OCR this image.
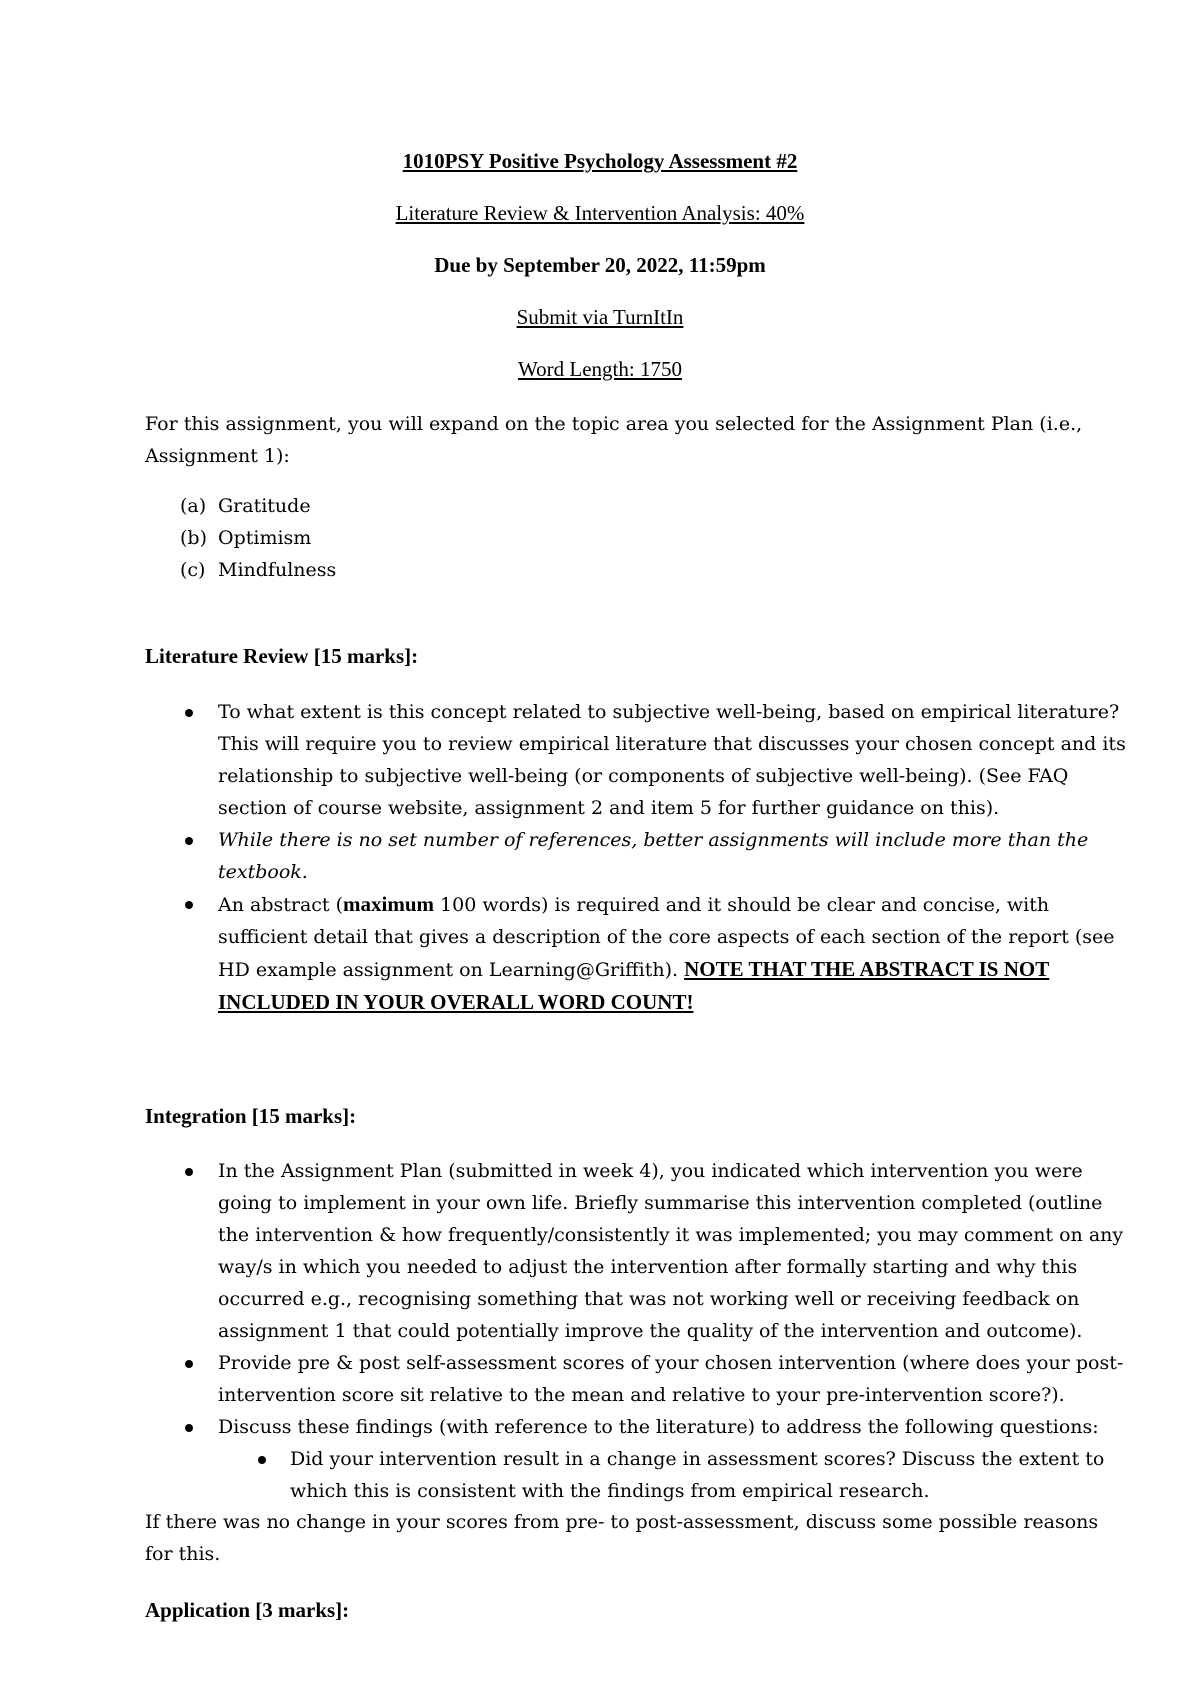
1010PSY Positive Psychology Assessment #2

Literature Review & Intervention Analysis: 40%

Due by September 20, 2022, 11:59pm

Submit via TurnItIn

Word Length: 1750

For this assignment, you will expand on the topic area you selected for the Assignment Plan (i.e., Assignment 1):
(a) Gratitude
(b) Optimism
(c) Mindfulness
Literature Review [15 marks]:
To what extent is this concept related to subjective well-being, based on empirical literature? This will require you to review empirical literature that discusses your chosen concept and its relationship to subjective well-being (or components of subjective well-being). (See FAQ section of course website, assignment 2 and item 5 for further guidance on this).
While there is no set number of references, better assignments will include more than the textbook.
An abstract (maximum 100 words) is required and it should be clear and concise, with sufficient detail that gives a description of the core aspects of each section of the report (see HD example assignment on Learning@Griffith). NOTE THAT THE ABSTRACT IS NOT INCLUDED IN YOUR OVERALL WORD COUNT!
Integration [15 marks]:
In the Assignment Plan (submitted in week 4), you indicated which intervention you were going to implement in your own life. Briefly summarise this intervention completed (outline the intervention & how frequently/consistently it was implemented; you may comment on any way/s in which you needed to adjust the intervention after formally starting and why this occurred e.g., recognising something that was not working well or receiving feedback on assignment 1 that could potentially improve the quality of the intervention and outcome).
Provide pre & post self-assessment scores of your chosen intervention (where does your post-intervention score sit relative to the mean and relative to your pre-intervention score?).
Discuss these findings (with reference to the literature) to address the following questions:
Did your intervention result in a change in assessment scores? Discuss the extent to which this is consistent with the findings from empirical research.
If there was no change in your scores from pre- to post-assessment, discuss some possible reasons for this.
Application [3 marks]:
